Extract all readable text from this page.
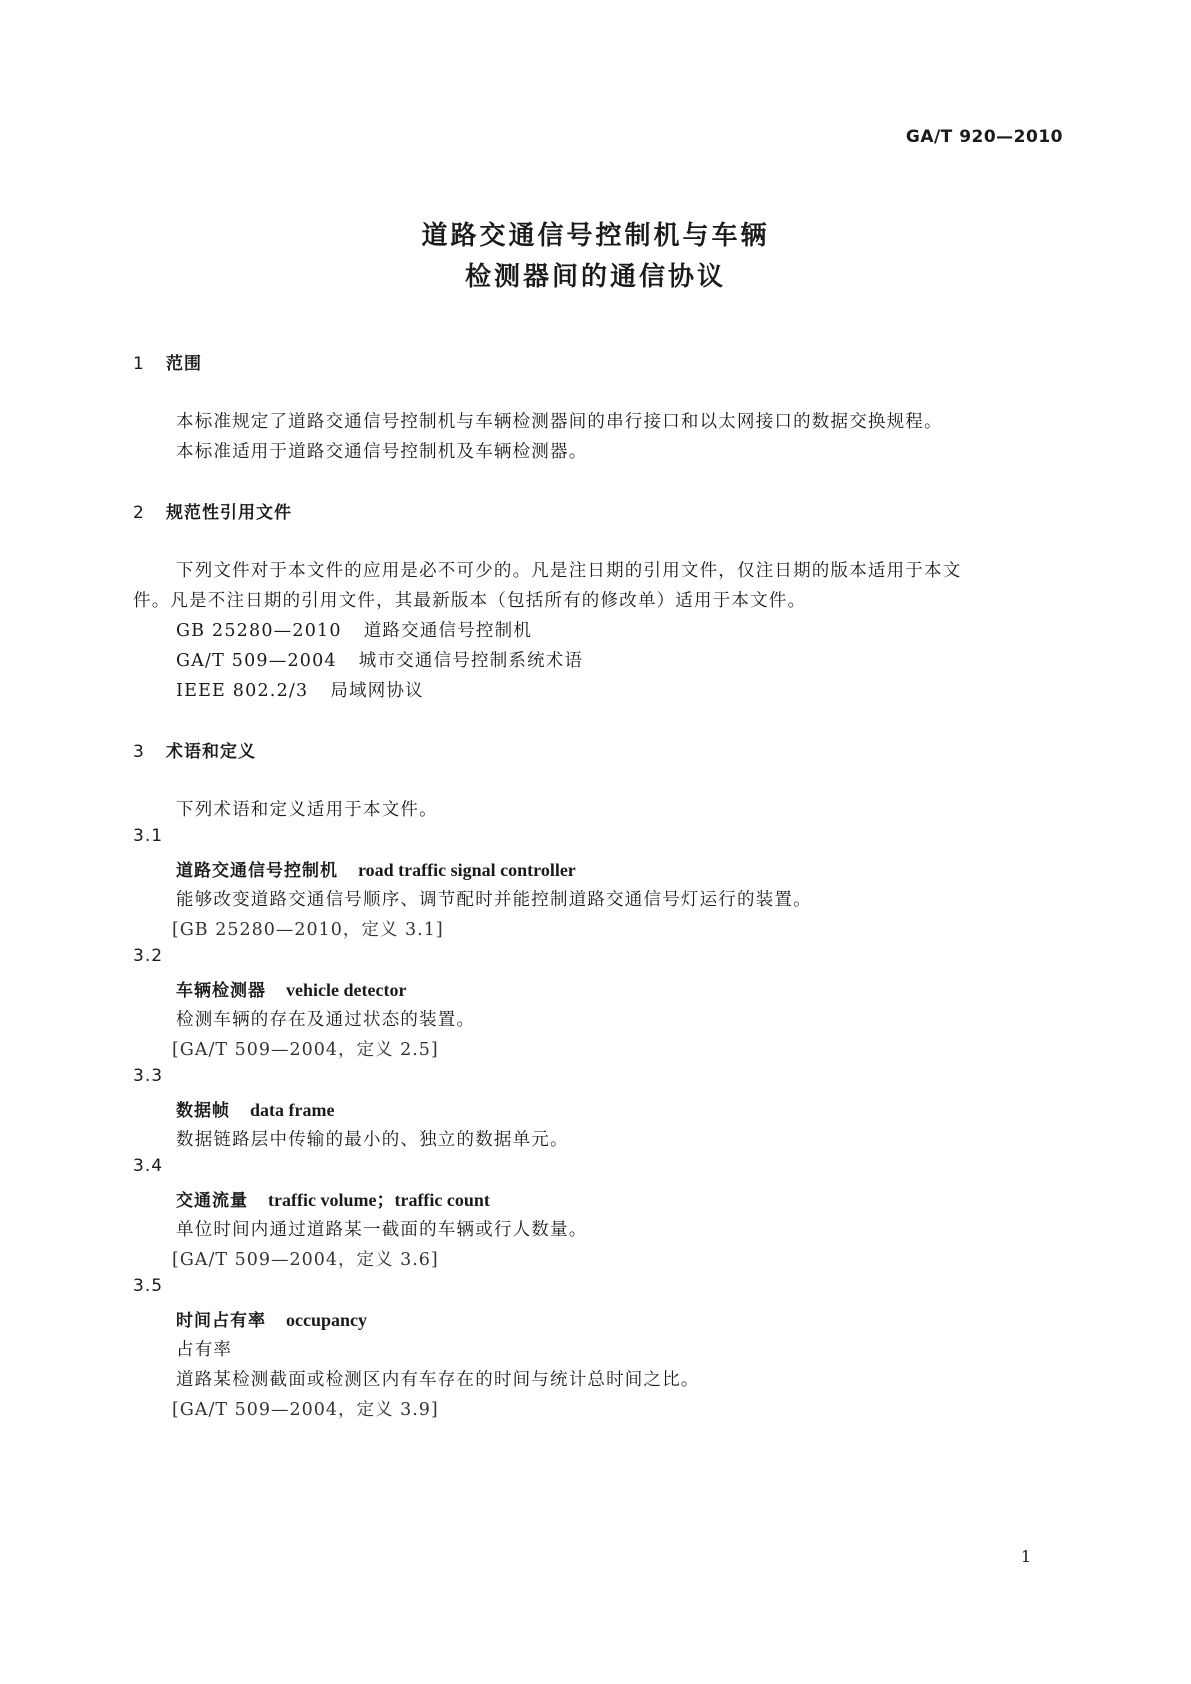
GA/T 920—2010
道路交通信号控制机与车辆
检测器间的通信协议
1 范围
本标准规定了道路交通信号控制机与车辆检测器间的串行接口和以太网接口的数据交换规程。
本标准适用于道路交通信号控制机及车辆检测器。
2 规范性引用文件
下列文件对于本文件的应用是必不可少的。凡是注日期的引用文件，仅注日期的版本适用于本文
件。凡是不注日期的引用文件，其最新版本（包括所有的修改单）适用于本文件。
GB 25280—2010 道路交通信号控制机
GA/T 509—2004 城市交通信号控制系统术语
IEEE 802.2/3 局域网协议
3 术语和定义
下列术语和定义适用于本文件。
3.1
道路交通信号控制机 road traffic signal controller
能够改变道路交通信号顺序、调节配时并能控制道路交通信号灯运行的装置。
[GB 25280—2010，定义 3.1]
3.2
车辆检测器 vehicle detector
检测车辆的存在及通过状态的装置。
[GA/T 509—2004，定义 2.5]
3.3
数据帧 data frame
数据链路层中传输的最小的、独立的数据单元。
3.4
交通流量 traffic volume；traffic count
单位时间内通过道路某一截面的车辆或行人数量。
[GA/T 509—2004，定义 3.6]
3.5
时间占有率 occupancy
占有率
道路某检测截面或检测区内有车存在的时间与统计总时间之比。
[GA/T 509—2004，定义 3.9]
1
